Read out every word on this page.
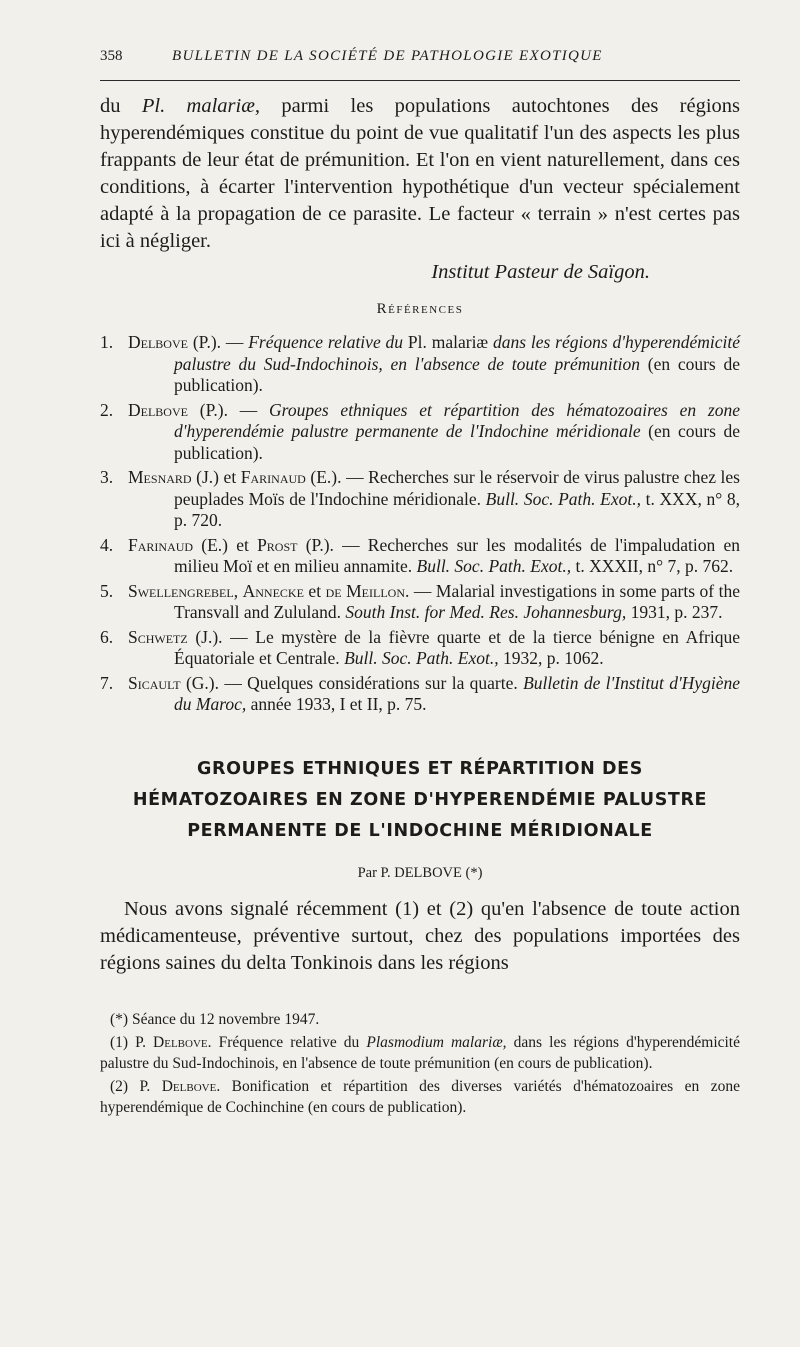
358	BULLETIN DE LA SOCIÉTÉ DE PATHOLOGIE EXOTIQUE

du Pl. malariæ, parmi les populations autochtones des régions hyperendémiques constitue du point de vue qualitatif l'un des aspects les plus frappants de leur état de prémunition. Et l'on en vient naturellement, dans ces conditions, à écarter l'intervention hypothétique d'un vecteur spécialement adapté à la propagation de ce parasite. Le facteur « terrain » n'est certes pas ici à négliger.

Institut Pasteur de Saïgon.
Références
1. Delbove (P.). — Fréquence relative du Pl. malariæ dans les régions d'hyperendémicité palustre du Sud-Indochinois, en l'absence de toute prémunition (en cours de publication).
2. Delbove (P.). — Groupes ethniques et répartition des hématozoaires en zone d'hyperendémie palustre permanente de l'Indochine méridionale (en cours de publication).
3. Mesnard (J.) et Farinaud (E.). — Recherches sur le réservoir de virus palustre chez les peuplades Moïs de l'Indochine méridionale. Bull. Soc. Path. Exot., t. XXX, n° 8, p. 720.
4. Farinaud (E.) et Prost (P.). — Recherches sur les modalités de l'impaludation en milieu Moï et en milieu annamite. Bull. Soc. Path. Exot., t. XXXII, n° 7, p. 762.
5. Swellengrebel, Annecke et de Meillon. — Malarial investigations in some parts of the Transvall and Zululand. South Inst. for Med. Res. Johannesburg, 1931, p. 237.
6. Schwetz (J.). — Le mystère de la fièvre quarte et de la tierce bénigne en Afrique Équatoriale et Centrale. Bull. Soc. Path. Exot., 1932, p. 1062.
7. Sicault (G.). — Quelques considérations sur la quarte. Bulletin de l'Institut d'Hygiène du Maroc, année 1933, I et II, p. 75.
GROUPES ETHNIQUES ET RÉPARTITION DES
HÉMATOZOAIRES EN ZONE D'HYPERENDÉMIE PALUSTRE
PERMANENTE DE L'INDOCHINE MÉRIDIONALE
Par P. DELBOVE (*)

Nous avons signalé récemment (1) et (2) qu'en l'absence de toute action médicamenteuse, préventive surtout, chez des populations importées des régions saines du delta Tonkinois dans les régions

(*) Séance du 12 novembre 1947.

(1) P. Delbove. Fréquence relative du Plasmodium malariæ, dans les régions d'hyperendémicité palustre du Sud-Indochinois, en l'absence de toute prémunition (en cours de publication).

(2) P. Delbove. Bonification et répartition des diverses variétés d'hématozoaires en zone hyperendémique de Cochinchine (en cours de publication).
